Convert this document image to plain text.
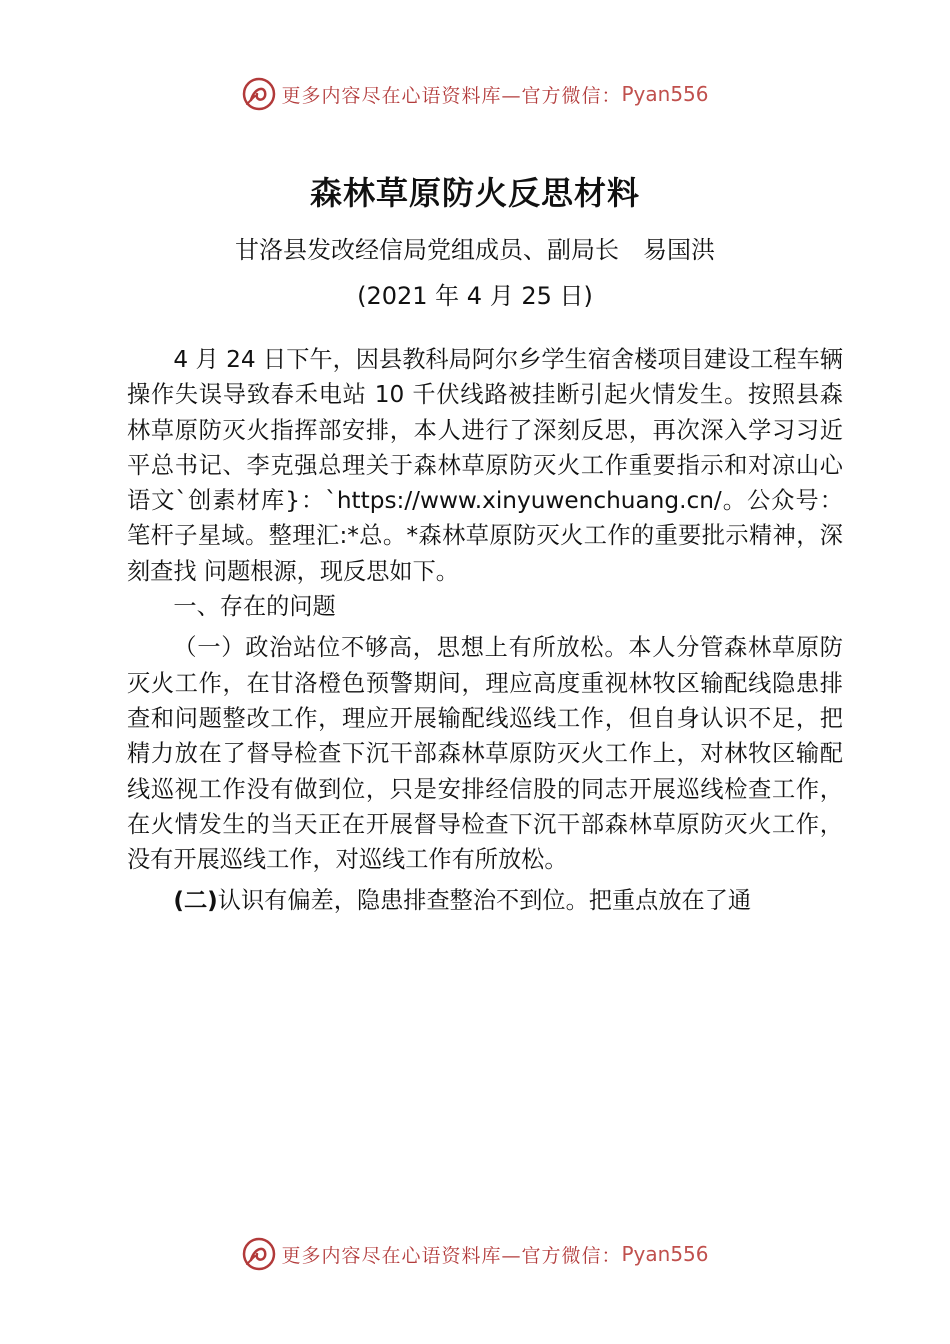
更多内容尽在心语资料库—官方微信： Pyan556
森林草原防火反思材料
甘洛县发改经信局党组成员、副局长　易国洪
(2021 年 4 月 25 日)

4 月 24 日下午，因县教科局阿尔乡学生宿舍楼项目建设工程车辆操作失误导致春禾电站 10 千伏线路被挂断引起火情发生。按照县森林草原防灭火指挥部安排，本人进行了深刻反思，再次深入学习习近平总书记、李克强总理关于森林草原防灭火工作重要指示和对凉山心语文`创素材库}：`https://www.xinyuwenchuang.cn/。公众号：笔杆子星域。整理汇:*总。*森林草原防灭火工作的重要批示精神，深刻查找 问题根源，现反思如下。

一、存在的问题

（一）政治站位不够高，思想上有所放松。本人分管森林草原防灭火工作，在甘洛橙色预警期间，理应高度重视林牧区输配线隐患排查和问题整改工作，理应开展输配线巡线工作，但自身认识不足，把精力放在了督导检查下沉干部森林草原防灭火工作上，对林牧区输配线巡视工作没有做到位，只是安排经信股的同志开展巡线检查工作，在火情发生的当天正在开展督导检查下沉干部森林草原防灭火工作，没有开展巡线工作，对巡线工作有所放松。

(二)认识有偏差，隐患排查整治不到位。把重点放在了通

更多内容尽在心语资料库—官方微信： Pyan556
